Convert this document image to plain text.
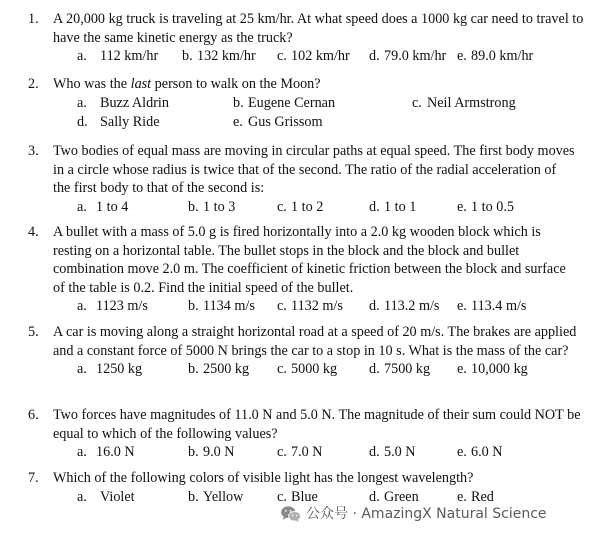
1. A 20,000 kg truck is traveling at 25 km/hr. At what speed does a 1000 kg car need to travel to have the same kinetic energy as the truck?
a. 112 km/hr b. 132 km/hr c. 102 km/hr d. 79.0 km/hr e. 89.0 km/hr
2. Who was the last person to walk on the Moon?
a. Buzz Aldrin	b. Eugene Cernan	c. Neil Armstrong
d. Sally Ride	e. Gus Grissom
3. Two bodies of equal mass are moving in circular paths at equal speed. The first body moves in a circle whose radius is twice that of the second. The ratio of the radial acceleration of the first body to that of the second is:
a. 1 to 4	b. 1 to 3	c. 1 to 2	d. 1 to 1	e. 1 to 0.5
4. A bullet with a mass of 5.0 g is fired horizontally into a 2.0 kg wooden block which is resting on a horizontal table. The bullet stops in the block and the block and bullet combination move 2.0 m. The coefficient of kinetic friction between the block and surface of the table is 0.2. Find the initial speed of the bullet.
a. 1123 m/s	b. 1134 m/s c. 1132 m/s d. 113.2 m/s e. 113.4 m/s
5. A car is moving along a straight horizontal road at a speed of 20 m/s. The brakes are applied and a constant force of 5000 N brings the car to a stop in 10 s. What is the mass of the car?
a. 1250 kg	b. 2500 kg c. 5000 kg d. 7500 kg e. 10,000 kg
6. Two forces have magnitudes of 11.0 N and 5.0 N. The magnitude of their sum could NOT be equal to which of the following values?
a. 16.0 N	b. 9.0 N	c. 7.0 N	d. 5.0 N	e. 6.0 N
7. Which of the following colors of visible light has the longest wavelength?
a. Violet	b. Yellow c. Blue	d. Green	e. Red
公众号 · AmazingX Natural Science
